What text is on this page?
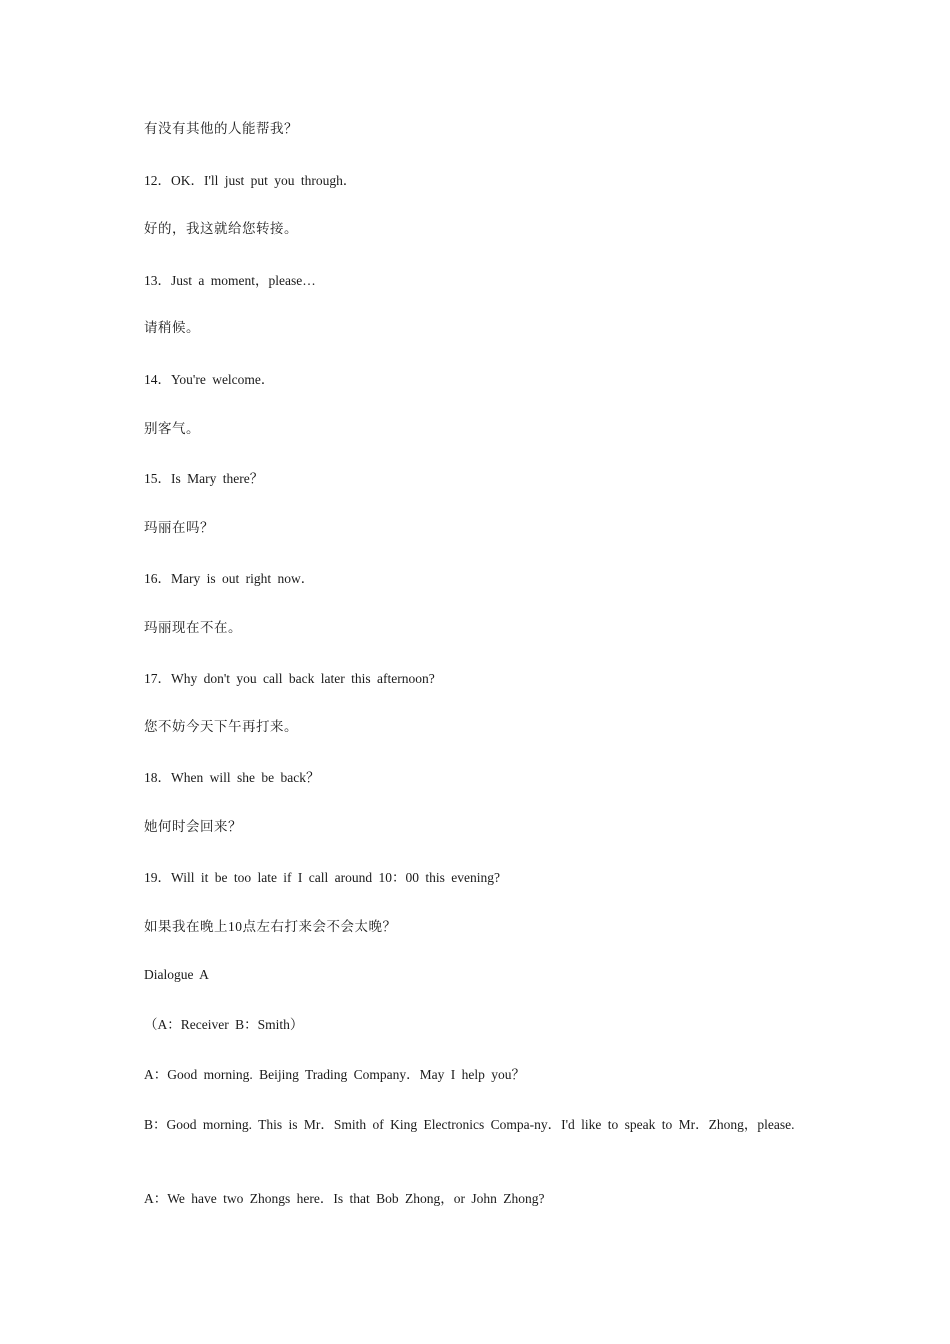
有没有其他的人能帮我？
12．OK．I'll just put you through．
好的，我这就给您转接。
13．Just a moment，please…
请稍候。
14．You're welcome．
别客气。
15．Is Mary there？
玛丽在吗？
16．Mary is out right now．
玛丽现在不在。
17．Why don't you call back later this afternoon?
您不妨今天下午再打来。
18．When will she be back？
她何时会回来？
19．Will it be too late if I call around 10：00 this evening?
如果我在晚上10点左右打来会不会太晚？
Dialogue A
（A：Receiver B：Smith）
A：Good morning. Beijing Trading Company．May I help you？
B：Good morning. This is Mr．Smith of King Electronics Compa-ny．I'd like to speak to Mr．Zhong，please.
A：We have two Zhongs here．Is that Bob Zhong，or John Zhong?
